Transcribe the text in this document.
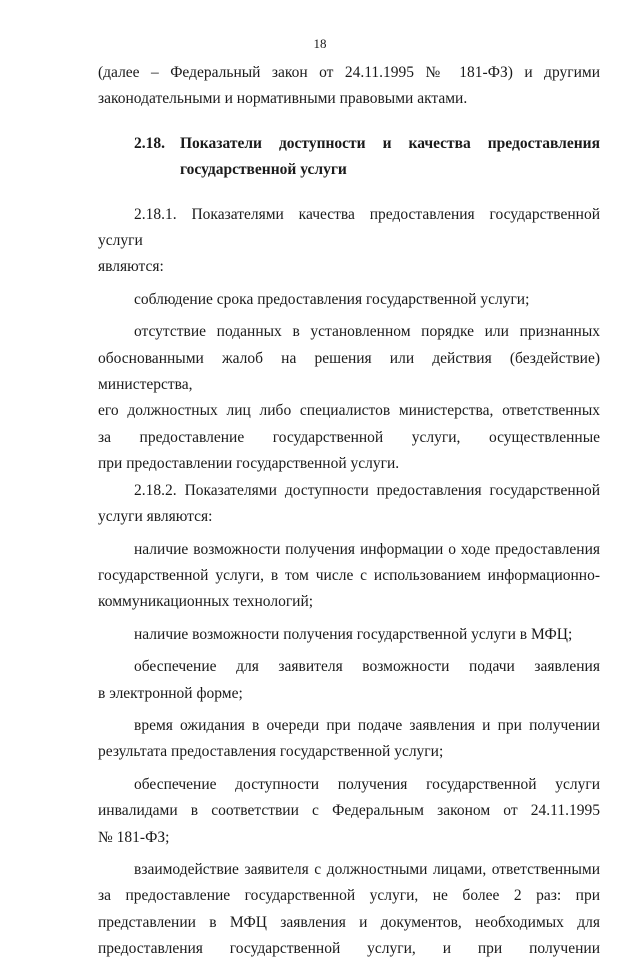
18
(далее – Федеральный закон от 24.11.1995 № 181-ФЗ) и другими
законодательными и нормативными правовыми актами.
2.18. Показатели доступности и качества предоставления
государственной услуги
2.18.1. Показателями качества предоставления государственной услуги
являются:
соблюдение срока предоставления государственной услуги;
отсутствие поданных в установленном порядке или признанных
обоснованными жалоб на решения или действия (бездействие) министерства,
его должностных лиц либо специалистов министерства, ответственных
за предоставление государственной услуги, осуществленные
при предоставлении государственной услуги.
2.18.2. Показателями доступности предоставления государственной
услуги являются:
наличие возможности получения информации о ходе предоставления
государственной услуги, в том числе с использованием информационно-
коммуникационных технологий;
наличие возможности получения государственной услуги в МФЦ;
обеспечение для заявителя возможности подачи заявления
в электронной форме;
время ожидания в очереди при подаче заявления и при получении
результата предоставления государственной услуги;
обеспечение доступности получения государственной услуги
инвалидами в соответствии с Федеральным законом от 24.11.1995
№ 181-ФЗ;
взаимодействие заявителя с должностными лицами, ответственными
за предоставление государственной услуги, не более 2 раз: при
представлении в МФЦ заявления и документов, необходимых для
предоставления государственной услуги, и при получении
